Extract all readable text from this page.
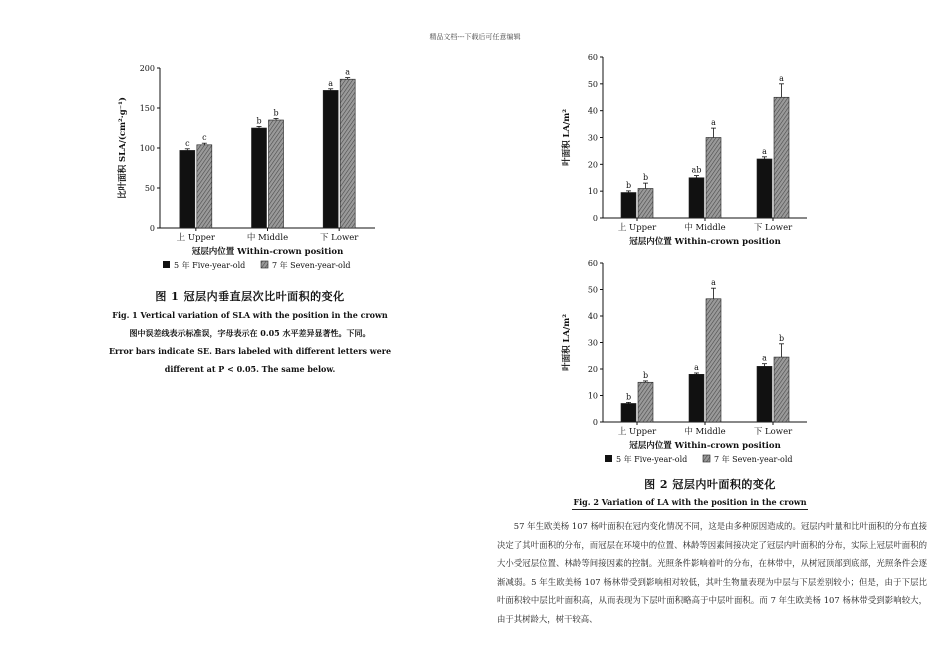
精品文档---下载后可任意编辑
0
50
100
150
200
比叶面积 SLA/(cm²·g⁻¹)
上 Upper
c
c
中 Middle
b
b
下 Lower
a
a
冠层内位置 Within-crown position
5 年 Five-year-old	7 年 Seven-year-old
0
10
20
30
40
50
60
叶面积 LA/m²
上 Upper
b
b
中 Middle
ab
a
下 Lower
a
a
冠层内位置 Within-crown position
0
10
20
30
40
50
60
叶面积 LA/m²
上 Upper
b
b
中 Middle
a
a
下 Lower
a
b
冠层内位置 Within-crown position
5 年 Five-year-old	7 年 Seven-year-old
图 1 冠层内垂直层次比叶面积的变化
Fig. 1 Vertical variation of SLA with the position in the crown
图中误差线表示标准误，字母表示在 0.05 水平差异显著性。下同。
Error bars indicate SE. Bars labeled with different letters were
different at P < 0.05. The same below.
图 2 冠层内叶面积的变化
Fig. 2 Variation of LA with the position in the crown

57 年生欧美杨 107 杨叶面积在冠内变化情况不同，这是由多种原因造成的。冠层内叶量和比叶面积的分布直接决定了其叶面积的分布，而冠层在环境中的位置、林龄等因素间接决定了冠层内叶面积的分布，实际上冠层叶面积的大小受冠层位置、林龄等间接因素的控制。光照条件影响着叶的分布，在林带中，从树冠顶部到底部，光照条件会逐渐减弱。5 年生欧美杨 107 杨林带受到影响相对较低，其叶生物量表现为中层与下层差别较小；但是，由于下层比叶面积较中层比叶面积高，从而表现为下层叶面积略高于中层叶面积。而 7 年生欧美杨 107 杨林带受到影响较大，由于其树龄大，树干较高、
